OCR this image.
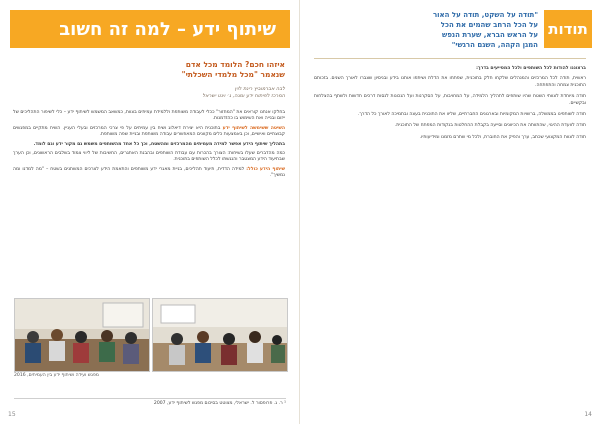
שיתוף ידע – למה זה חשוב
איזהו חכם? הלומד מכל אדם
שנאמר "מכל מלמדי השכלתי"
לבה אברמוביץ רינת לוין
המרכז לפיתוח ידע ומגה, ג׳ וינט ישראל

בחלקו אנחנו קוראים את "המחזור" ככלי לעבודה משותפת וללמידת עמיתים בצוות, כמשאב המשמש לשיתוף ידע – כלי לשיפור התהליכים של ייזום ובנייה ואת השימוש בו כהזדמנות.

השיטה ששימשה לשיתוף ידע בתוכנית היא יצירת דיאלוג ושיח בין עמיתים על פי צרכי המרכזים ובעלי העניין. השיח מתקיים במפגשים קבוצתיים ואישיים, וכן באמצעות כלים מקוונים המאפשרים עבודה משותפת ובניית שפה משותפת.

בתהליך שיתוף הידע אפשר למידה מעמיתים מהמרכזים ומהשטח, וכך כל אחד מהשותפים משמש גם מקור ידע וגם לומד.

כמה מהדברים שעלו בשיחות: הצורך בהכרות עם עבודת השותפים ובהבנת האתגרים, החשיבות של ליווי צמוד בשלבים הראשונים, וכן הערך שבתיעוד הידע המצטבר והנגשתו לכלל השותפים בתוכנית.

שיתוף הידע כולל: למידה הדדית, תיעוד תהליכים, בניית מאגרי ידע משותפים והתאמת הידע לצרכים המשתנים בשטח – "מה למדנו ומה נמשיך".

מפגש ועידה ושיתוף ידע בין העמיתים, 2016
¹ ר. ג. פרופסור ל. ישראלי, מצוטט בסיכום מפגש לשיתוף ידע, 2007
15
תודות
"תודה על השקט, תודה על האור
על הכל הרחב שהמים את הכל
על הראש הברא, שערת הנפש
המגן הקהה, השגם הרגשי"

ברצוננו להודות לכל השותפים ולכל המסייעים בדרך:

ראשית, תודה לכל המרכזים והמנהלים שלקחו חלק בתוכנית, שפתחו את הדלת ושיתפו אותנו בידע ובניסיון שצברו לאורך השנים. בזכותם התוכנית צמחה והתפתחה.

תודה מיוחדת לצוותי השטח שהיו שותפים לתהליך הלמידה, על המחויבות, על הסקרנות ועל הנכונות לנסות דרכים חדשות ולשתף בהצלחות ובקשיים.

תודה לשותפינו בממשלה, ברשויות המקומיות ובארגונים החברתיים, שליוו את התוכנית בעצה ובתמיכה לאורך כל הדרך.

תודה לוועדת ההיגוי, שהתוותה את הכיוונים וסייעה בקבלת ההחלטות בנקודות המפתח של התוכנית.

תודה לצוות המקצועי שכתב, ערך והפיק את החוברת, ולכל מי שתרם מזמנו ומידיעותיו.

14
